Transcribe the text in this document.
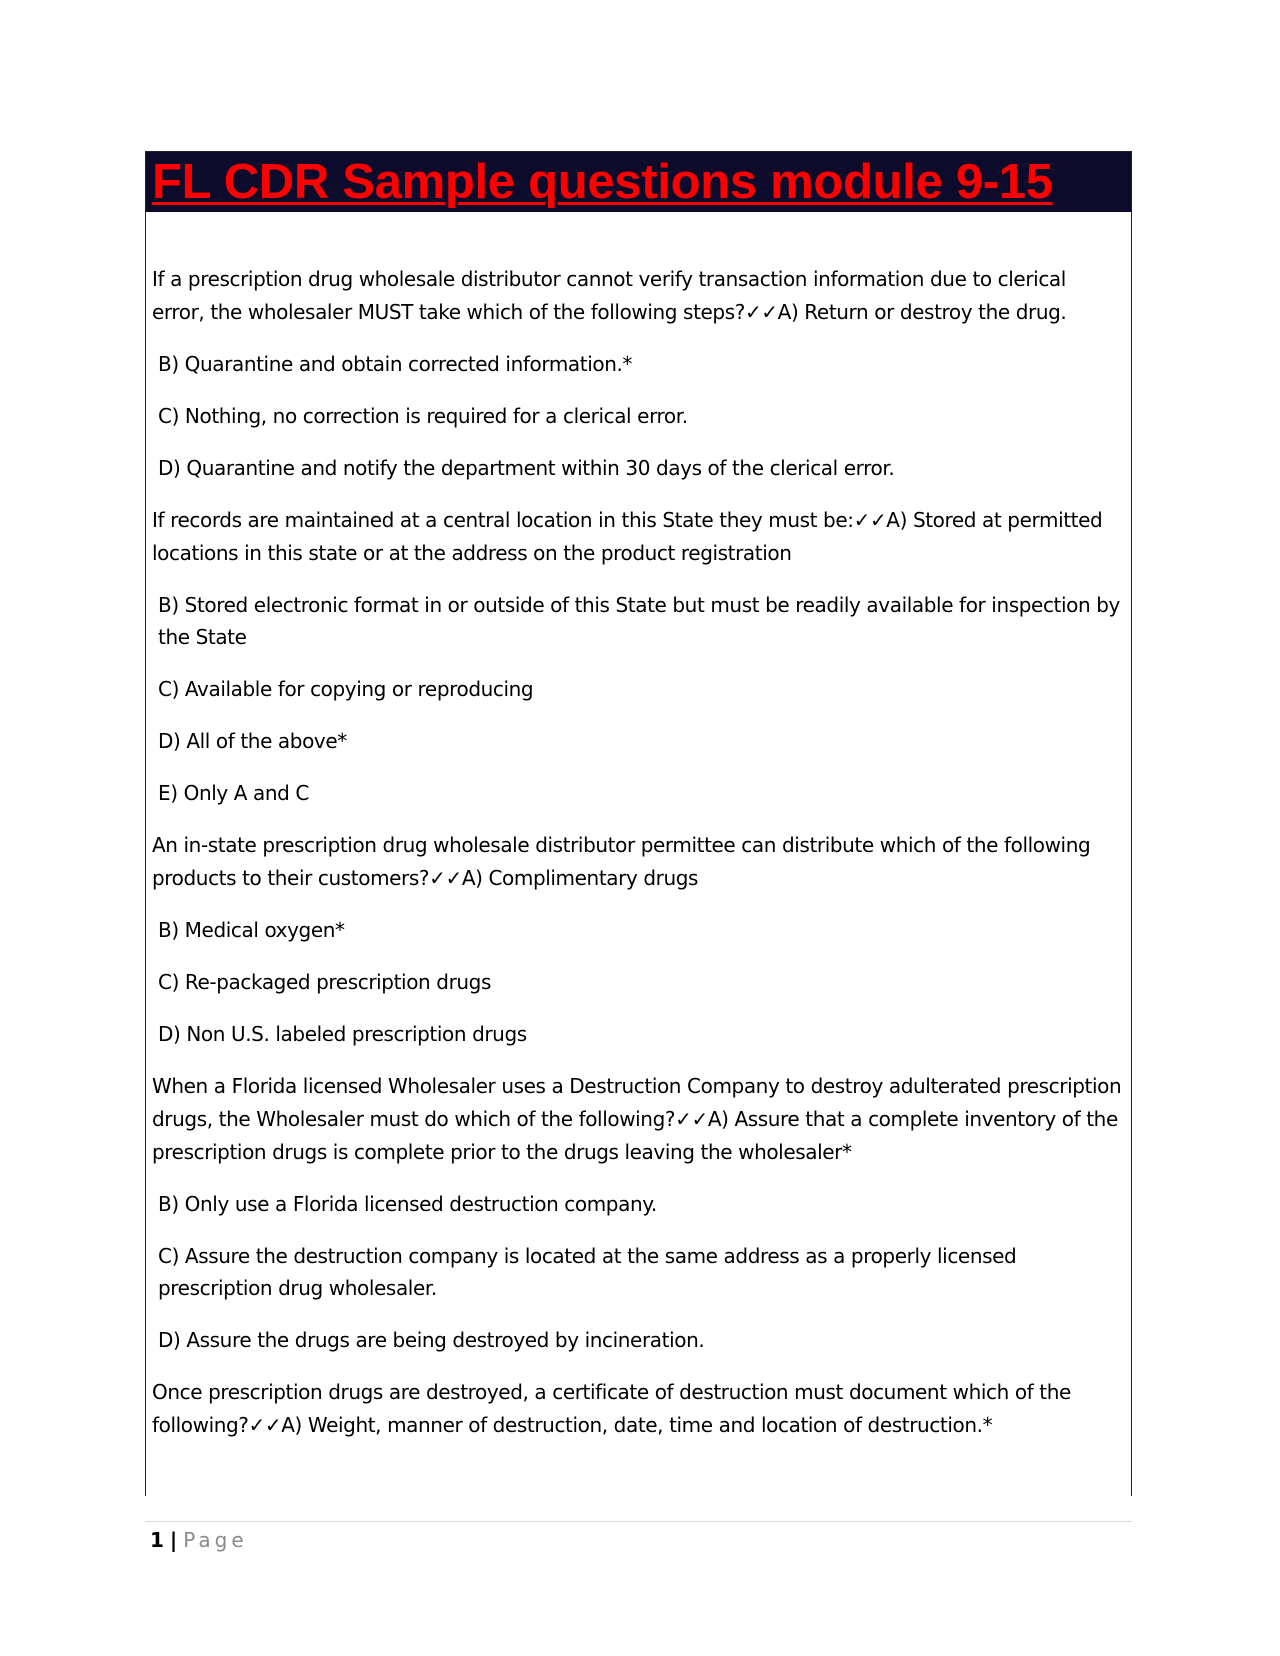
FL CDR Sample questions module 9-15

If a prescription drug wholesale distributor cannot verify transaction information due to clerical error, the wholesaler MUST take which of the following steps?✓✓A) Return or destroy the drug.

B) Quarantine and obtain corrected information.*

C) Nothing, no correction is required for a clerical error.

D) Quarantine and notify the department within 30 days of the clerical error.

If records are maintained at a central location in this State they must be:✓✓A) Stored at permitted locations in this state or at the address on the product registration

B) Stored electronic format in or outside of this State but must be readily available for inspection by the State

C) Available for copying or reproducing

D) All of the above*

E) Only A and C

An in-state prescription drug wholesale distributor permittee can distribute which of the following products to their customers?✓✓A) Complimentary drugs

B) Medical oxygen*

C) Re-packaged prescription drugs

D) Non U.S. labeled prescription drugs

When a Florida licensed Wholesaler uses a Destruction Company to destroy adulterated prescription drugs, the Wholesaler must do which of the following?✓✓A) Assure that a complete inventory of the prescription drugs is complete prior to the drugs leaving the wholesaler*

B) Only use a Florida licensed destruction company.

C) Assure the destruction company is located at the same address as a properly licensed prescription drug wholesaler.

D) Assure the drugs are being destroyed by incineration.

Once prescription drugs are destroyed, a certificate of destruction must document which of the following?✓✓A) Weight, manner of destruction, date, time and location of destruction.*

1 | Page
